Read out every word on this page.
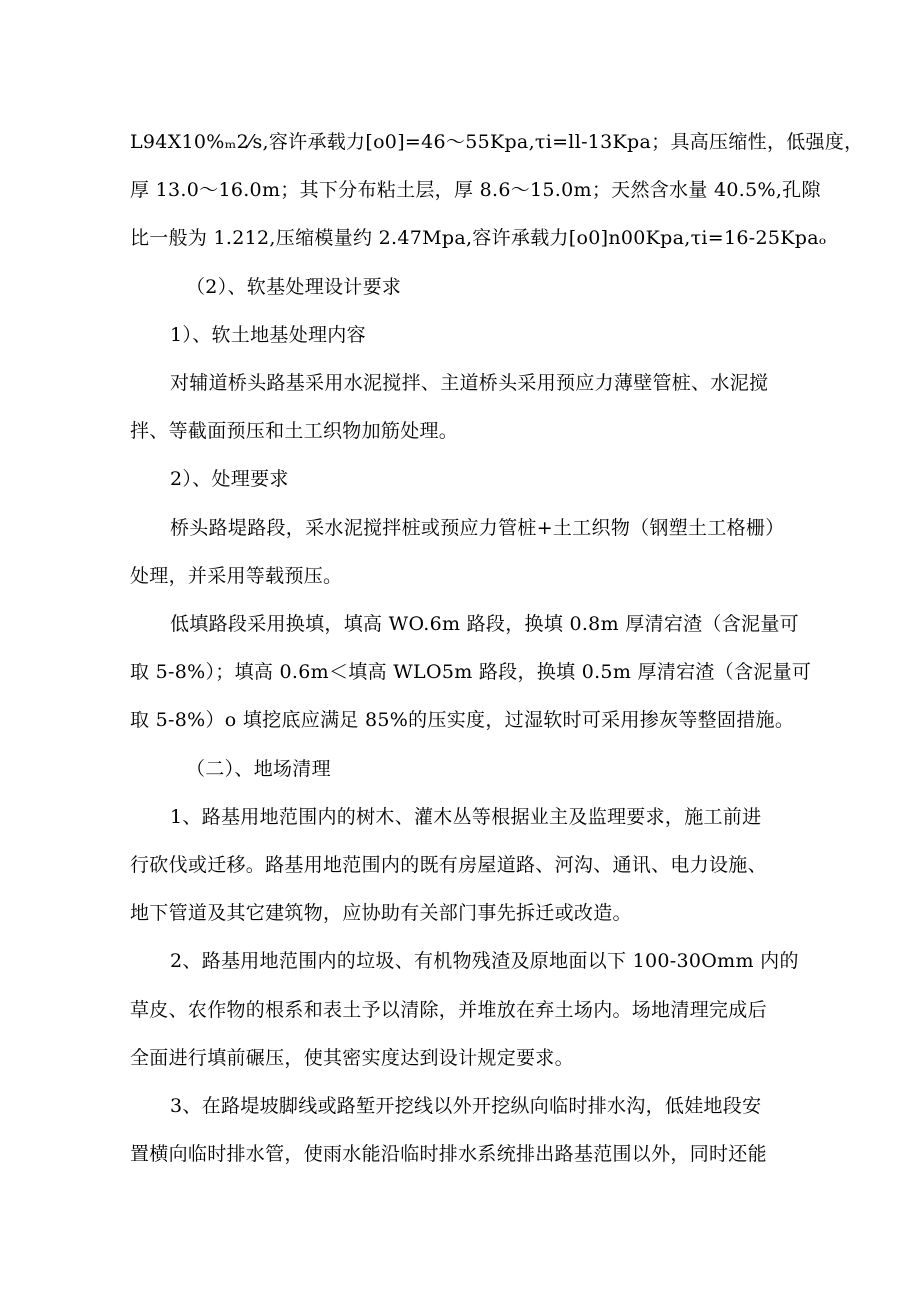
L94X10%ₘ2⁄s,容许承载力[o0]=46～55Kpa,τi=ll-13Kpa；具高压缩性，低强度，
厚 13.0～16.0m；其下分布粘土层，厚 8.6～15.0m；天然含水量 40.5%,孔隙
比一般为 1.212,压缩模量约 2.47Mpa,容许承载力[o0]n00Kpa,τi=16-25Kpaₒ

（2）、软基处理设计要求

1）、软土地基处理内容

对辅道桥头路基采用水泥搅拌、主道桥头采用预应力薄壁管桩、水泥搅
拌、等截面预压和土工织物加筋处理。

2）、处理要求

桥头路堤路段，采水泥搅拌桩或预应力管桩+土工织物（钢塑土工格栅）
处理，并采用等载预压。

低填路段采用换填，填高 WO.6m 路段，换填 0.8m 厚清宕渣（含泥量可
取 5-8%）；填高 0.6m＜填高 WLO5m 路段，换填 0.5m 厚清宕渣（含泥量可
取 5-8%）o 填挖底应满足 85%的压实度，过湿软时可采用掺灰等整固措施。

（二）、地场清理

1、路基用地范围内的树木、灌木丛等根据业主及监理要求，施工前进
行砍伐或迁移。路基用地范围内的既有房屋道路、河沟、通讯、电力设施、
地下管道及其它建筑物，应协助有关部门事先拆迁或改造。

2、路基用地范围内的垃圾、有机物残渣及原地面以下 100-30Omm 内的
草皮、农作物的根系和表土予以清除，并堆放在弃土场内。场地清理完成后
全面进行填前碾压，使其密实度达到设计规定要求。

3、在路堤坡脚线或路堑开挖线以外开挖纵向临时排水沟，低娃地段安
置横向临时排水管，使雨水能沿临时排水系统排出路基范围以外，同时还能
